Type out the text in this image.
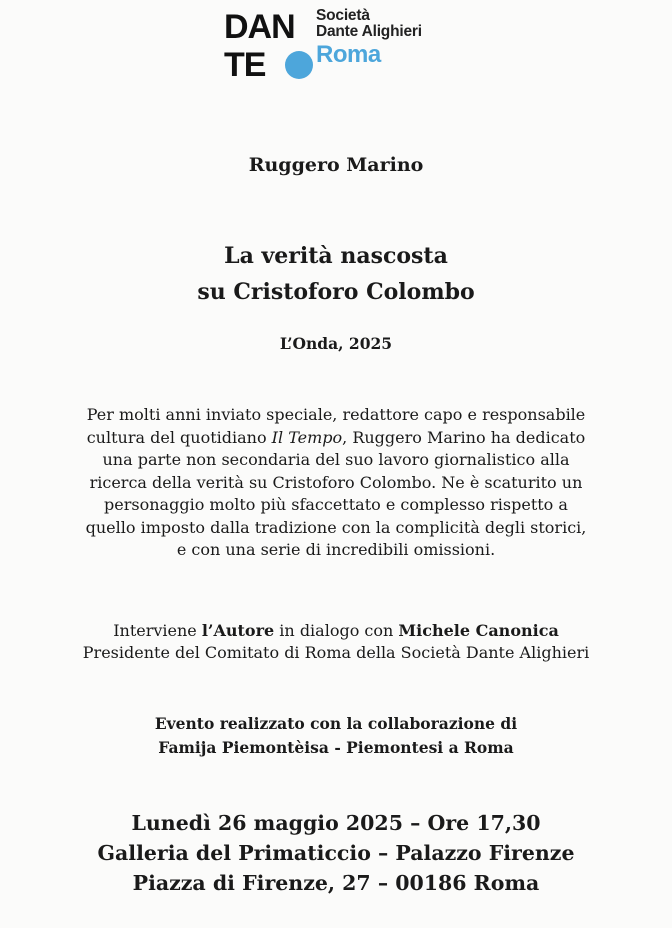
DAN
TE
Società
Dante Alighieri
Roma
Ruggero Marino
La verità nascosta
su Cristoforo Colombo
L’Onda, 2025
Per molti anni inviato speciale, redattore capo e responsabile
cultura del quotidiano Il Tempo, Ruggero Marino ha dedicato
una parte non secondaria del suo lavoro giornalistico alla
ricerca della verità su Cristoforo Colombo. Ne è scaturito un
personaggio molto più sfaccettato e complesso rispetto a
quello imposto dalla tradizione con la complicità degli storici,
e con una serie di incredibili omissioni.
Interviene l’Autore in dialogo con Michele Canonica
Presidente del Comitato di Roma della Società Dante Alighieri
Evento realizzato con la collaborazione di
Famija Piemontèisa - Piemontesi a Roma
Lunedì 26 maggio 2025 – Ore 17,30
Galleria del Primaticcio – Palazzo Firenze
Piazza di Firenze, 27 – 00186 Roma
